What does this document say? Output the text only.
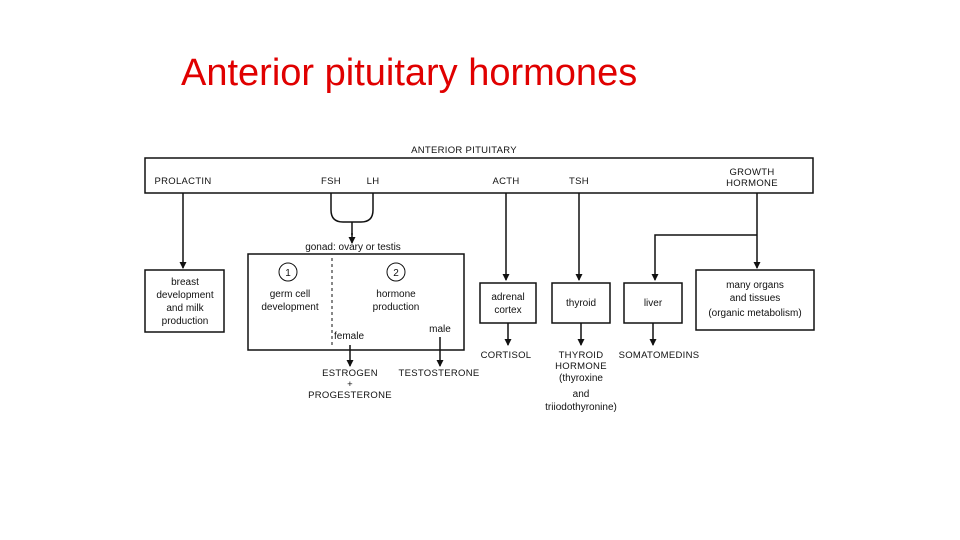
Anterior pituitary hormones
ANTERIOR PITUITARY
PROLACTIN	FSH	LH	ACTH	TSH
GROWTH
HORMONE
gonad: ovary or testis
breast
development
and milk
production
1	2
germ cell
development
hormone
production
female
male
adrenal
cortex
thyroid	liver
many organs
and tissues
(organic metabolism)
ESTROGEN
+
PROGESTERONE
TESTOSTERONE
CORTISOL	THYROID
HORMONE
(thyroxine
and
triiodothyronine)
SOMATOMEDINS
